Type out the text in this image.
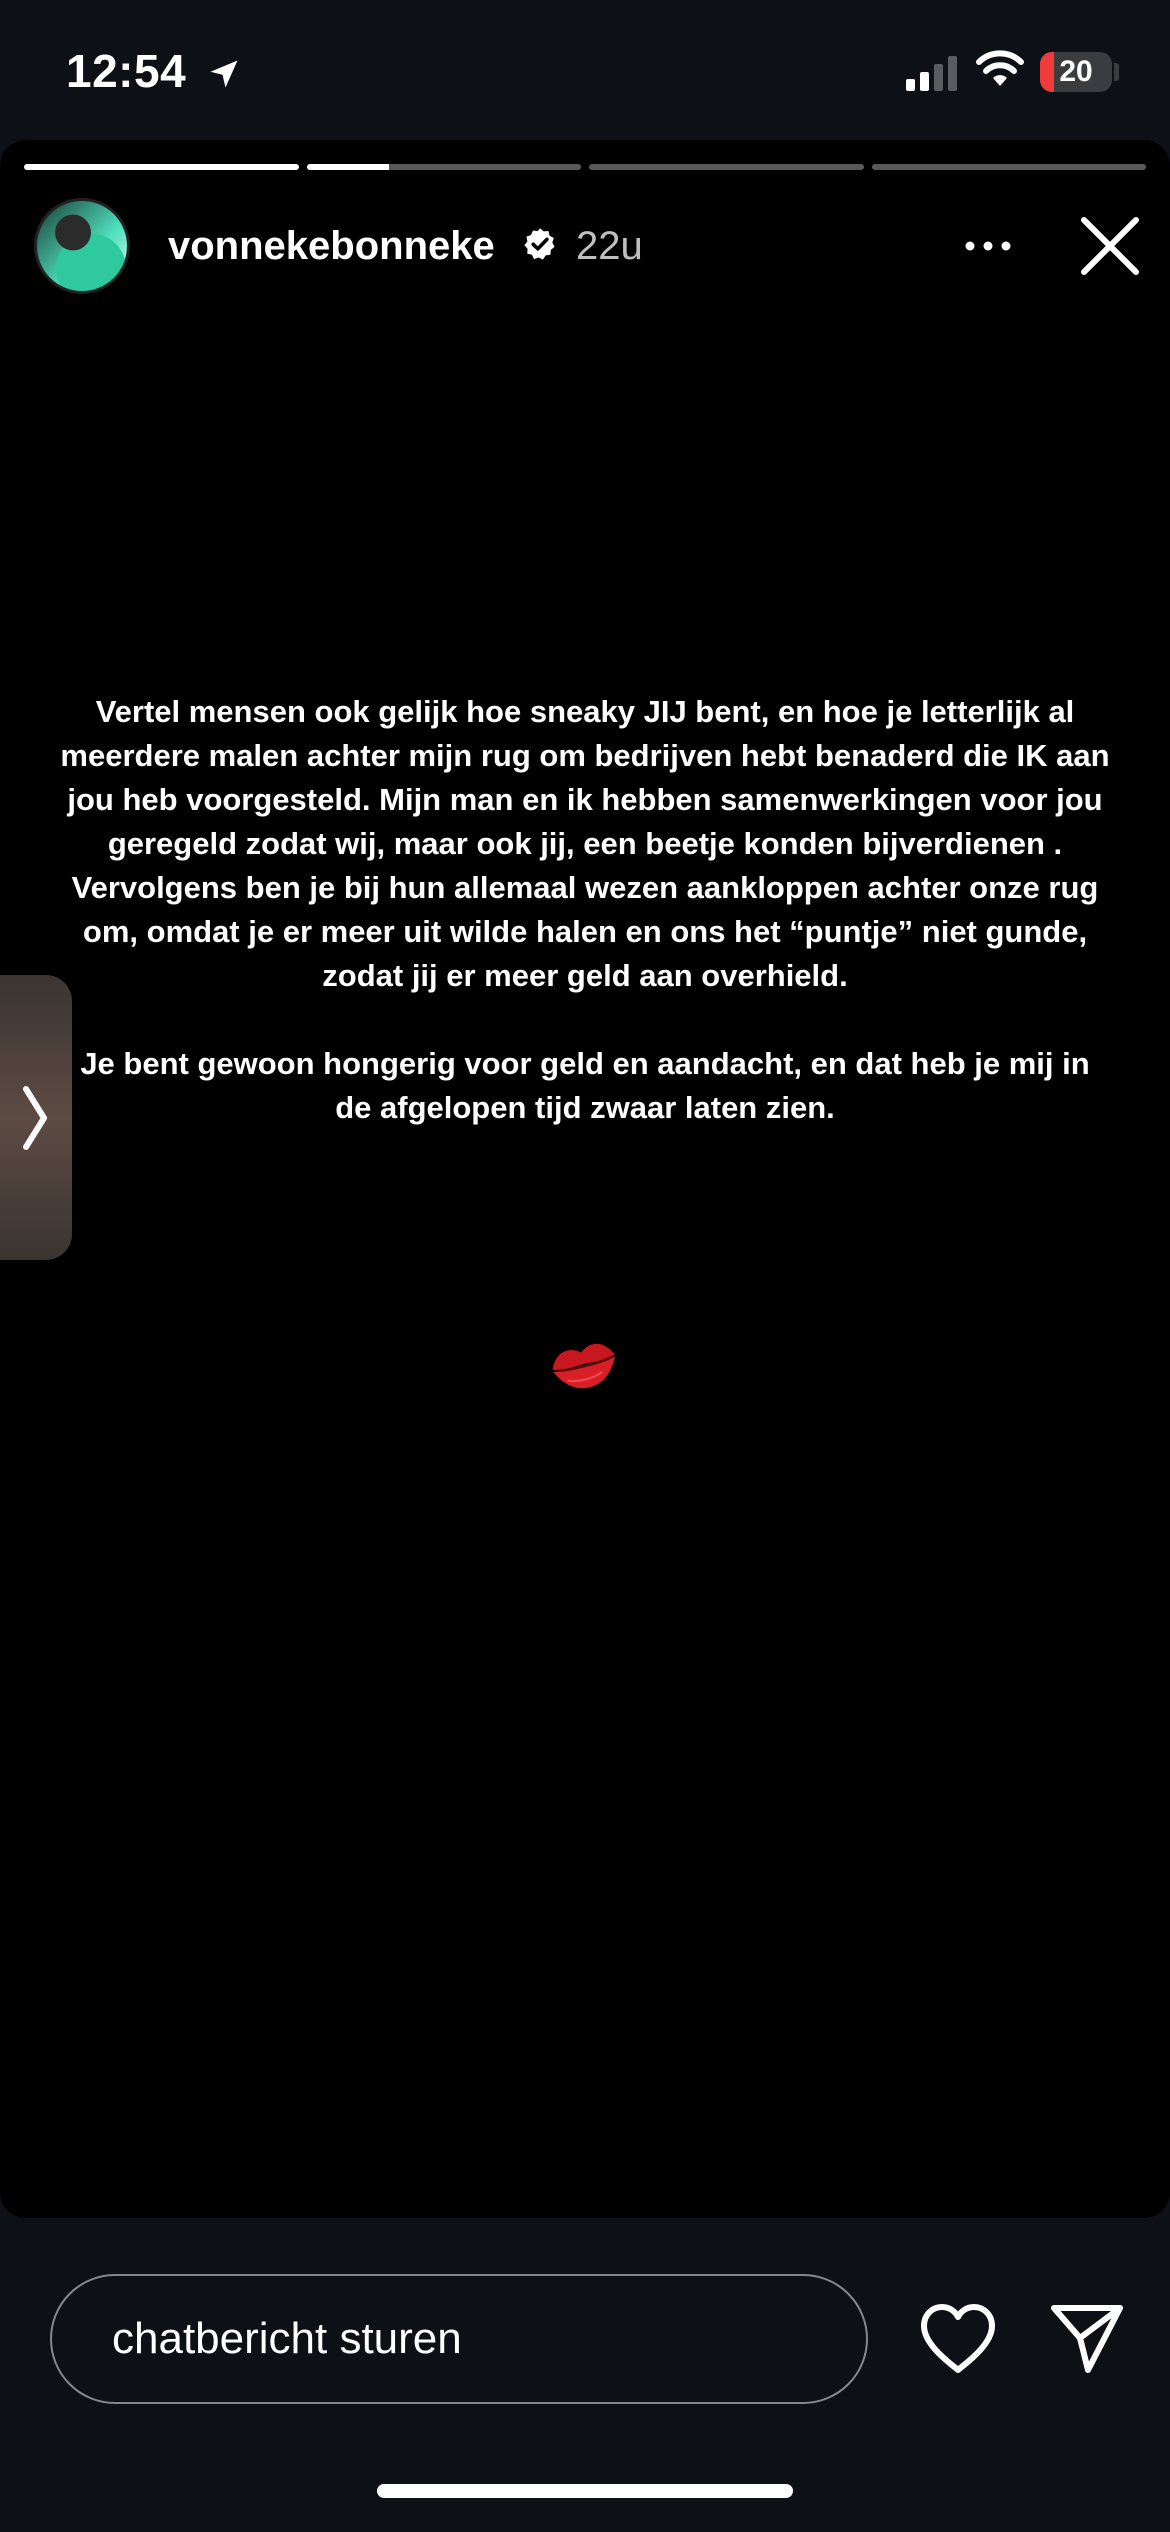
12:54	20
vonnekebonneke 22u

Vertel mensen ook gelijk hoe sneaky JIJ bent, en hoe je letterlijk al meerdere malen achter mijn rug om bedrijven hebt benaderd die IK aan jou heb voorgesteld. Mijn man en ik hebben samenwerkingen voor jou geregeld zodat wij, maar ook jij, een beetje konden bijverdienen . Vervolgens ben je bij hun allemaal wezen aankloppen achter onze rug om, omdat je er meer uit wilde halen en ons het “puntje” niet gunde, zodat jij er meer geld aan overhield.

Je bent gewoon hongerig voor geld en aandacht, en dat heb je mij in de afgelopen tijd zwaar laten zien.

chatbericht sturen
